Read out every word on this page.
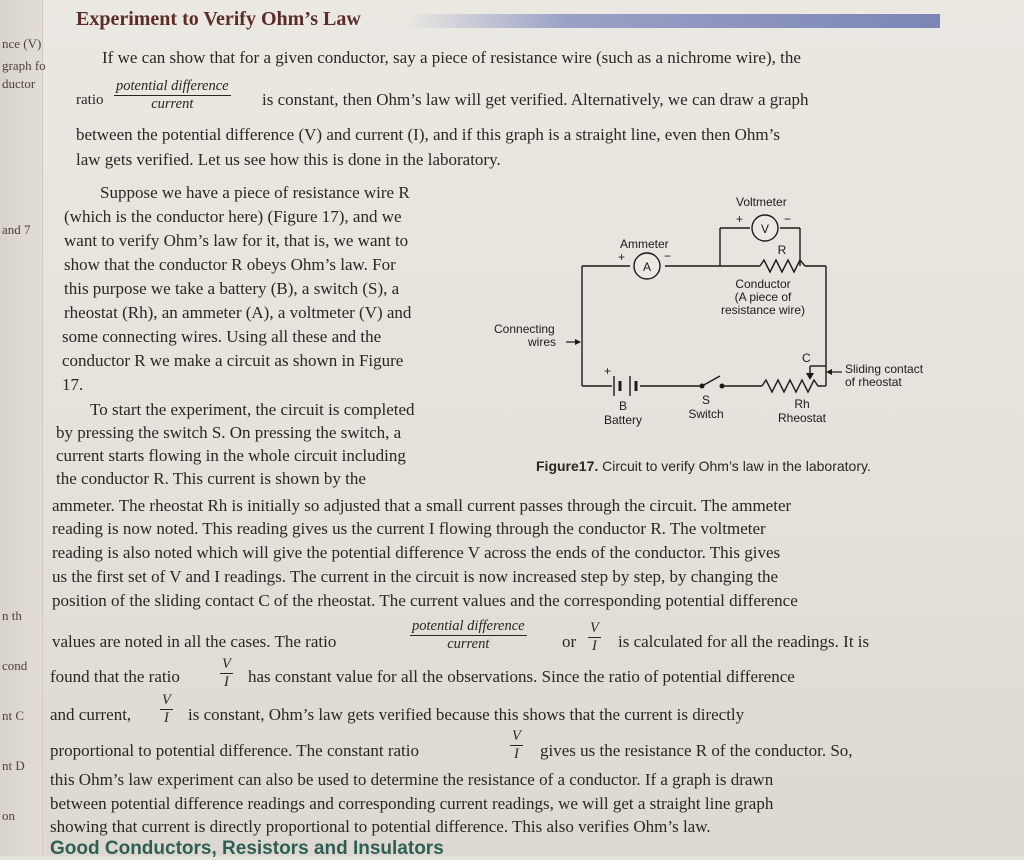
nce (V)
graph fo
ductor
and 7
n th
cond
nt C
nt D
on
Experiment to Verify Ohm’s Law
If we can show that for a given conductor, say a piece of resistance wire (such as a nichrome wire), the
ratio
potential difference
current	is constant, then Ohm’s law will get verified. Alternatively, we can draw a graph
between the potential difference (V) and current (I), and if this graph is a straight line, even then Ohm’s
law gets verified. Let us see how this is done in the laboratory.
Suppose we have a piece of resistance wire R
(which is the conductor here) (Figure 17), and we
want to verify Ohm’s law for it, that is, we want to
show that the conductor R obeys Ohm’s law. For
this purpose we take a battery (B), a switch (S), a
rheostat (Rh), an ammeter (A), a voltmeter (V) and
some connecting wires. Using all these and the
conductor R we make a circuit as shown in Figure
17.
To start the experiment, the circuit is completed
by pressing the switch S. On pressing the switch, a
current starts flowing in the whole circuit including
the conductor R. This current is shown by the
Figure17. Circuit to verify Ohm’s law in the laboratory.
A
+	−
Ammeter	R
V
+	−
Voltmeter
Conductor
(A piece of
resistance wire)
Connecting
wires
+
B
Battery
S
Switch
C
Sliding contact
of rheostat
Rh
Rheostat
ammeter. The rheostat Rh is initially so adjusted that a small current passes through the circuit. The ammeter
reading is now noted. This reading gives us the current I flowing through the conductor R. The voltmeter
reading is also noted which will give the potential difference V across the ends of the conductor. This gives
us the first set of V and I readings. The current in the circuit is now increased step by step, by changing the
position of the sliding contact C of the rheostat. The current values and the corresponding potential difference
values are noted in all the cases. The ratio
potential difference
current	or $\frac{V}{I}$ is calculated for all the readings. It is
found that the ratio	$\frac{V}{I}$ has constant value for all the observations. Since the ratio of potential difference
and current, $\frac{V}{I}$ is constant, Ohm’s law gets verified because this shows that the current is directly
proportional to potential difference. The constant ratio	$\frac{V}{I}$ gives us the resistance R of the conductor. So,
this Ohm’s law experiment can also be used to determine the resistance of a conductor. If a graph is drawn
between potential difference readings and corresponding current readings, we will get a straight line graph
showing that current is directly proportional to potential difference. This also verifies Ohm’s law.
Good Conductors, Resistors and Insulators
